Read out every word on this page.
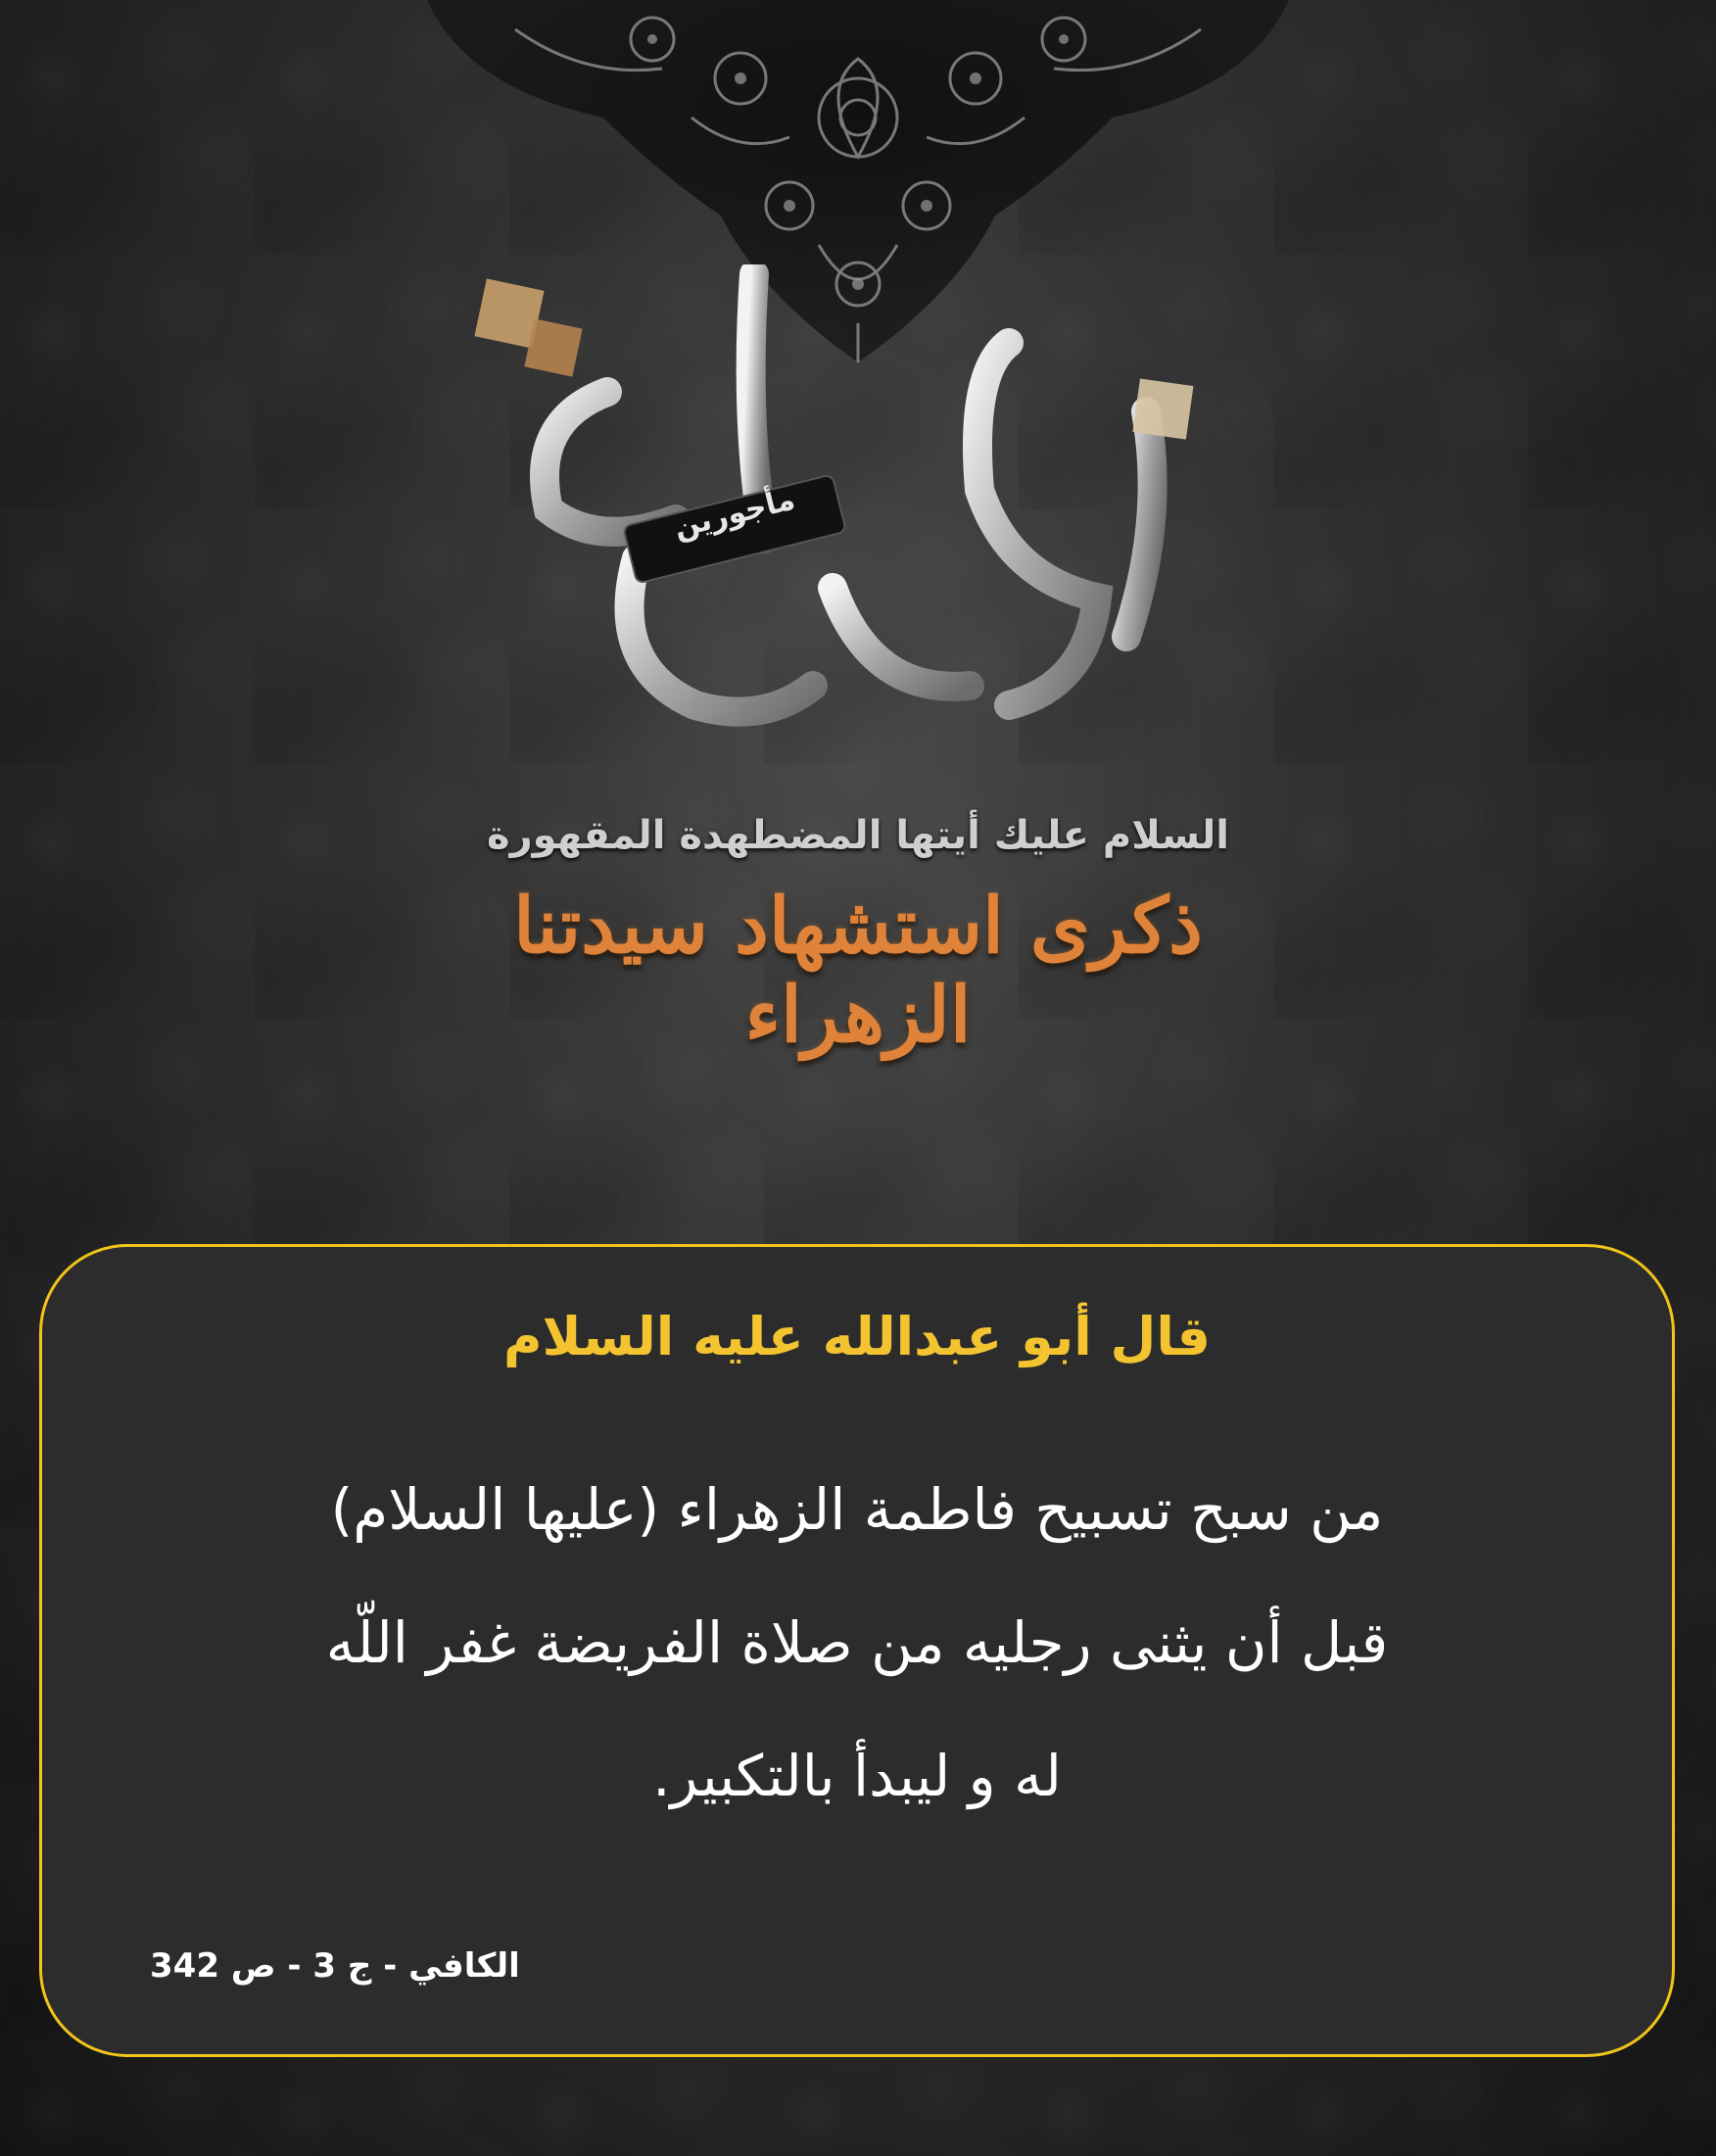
مأجورين
السلام عليك أيتها المضطهدة المقهورة
ذكرى استشهاد سيدتنا الزهراء
قال أبو عبدالله عليه السلام
من سبح تسبيح فاطمة الزهراء (عليها السلام)
قبل أن يثنى رجليه من صلاة الفريضة غفر اللّه
له و ليبدأ بالتكبير.
الكافي - ج 3 - ص 342
